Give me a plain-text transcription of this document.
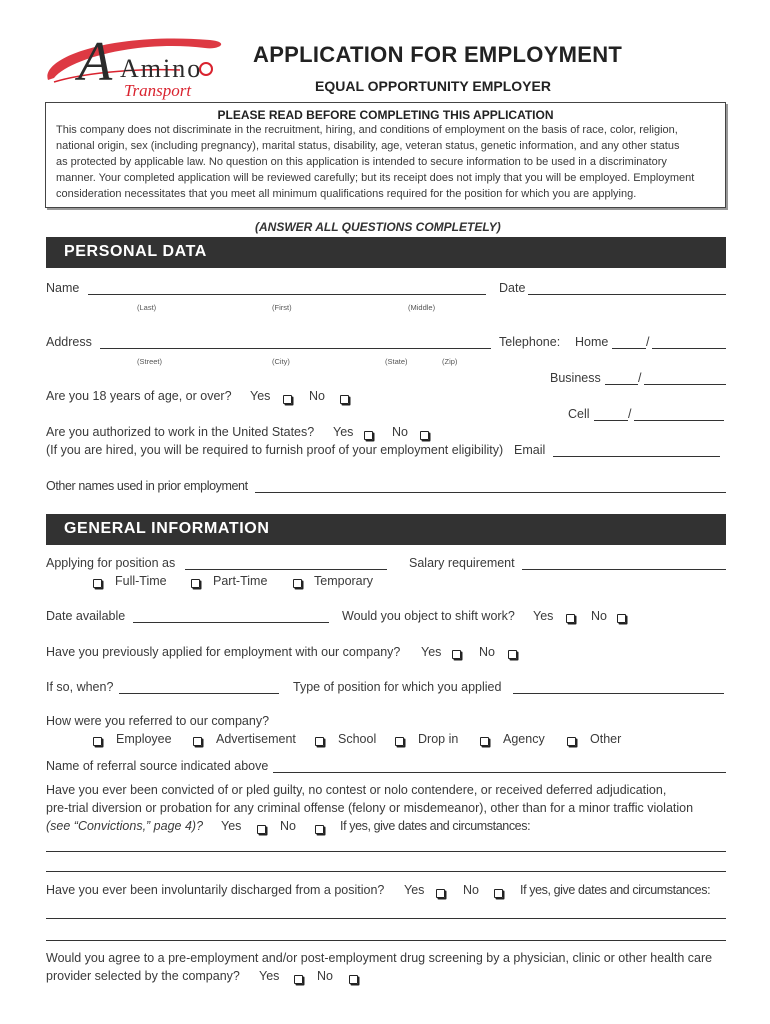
A Amino
Transport
APPLICATION FOR EMPLOYMENT
EQUAL OPPORTUNITY EMPLOYER
PLEASE READ BEFORE COMPLETING THIS APPLICATION
This company does not discriminate in the recruitment, hiring, and conditions of employment on the basis of race, color, religion,
national origin, sex (including pregnancy), marital status, disability, age, veteran status, genetic information, and any other status
as protected by applicable law. No question on this application is intended to secure information to be used in a discriminatory
manner. Your completed application will be reviewed carefully; but its receipt does not imply that you will be employed. Employment
consideration necessitates that you meet all minimum qualifications required for the position for which you are applying.
(ANSWER ALL QUESTIONS COMPLETELY)
PERSONAL DATA
Name	Date
(Last)	(First)	(Middle)
Address	Telephone: Home	/
(Street)	(City)	(State)	(Zip)
Business	/
Are you 18 years of age, or over? Yes	No
Cell	/
Are you authorized to work in the United States? Yes	No
(If you are hired, you will be required to furnish proof of your employment eligibility) Email
Other names used in prior employment
GENERAL INFORMATION
Applying for position as	Salary requirement
Full-Time	Part-Time	Temporary
Date available	Would you object to shift work? Yes	No
Have you previously applied for employment with our company? Yes	No
If so, when?	Type of position for which you applied
How were you referred to our company?
Employee	Advertisement	School	Drop in	Agency	Other
Name of referral source indicated above
Have you ever been convicted of or pled guilty, no contest or nolo contendere, or received deferred adjudication,
pre-trial diversion or probation for any criminal offense (felony or misdemeanor), other than for a minor traffic violation
(see “Convictions,” page 4)? Yes	No	If yes, give dates and circumstances:
Have you ever been involuntarily discharged from a position? Yes	No	If yes, give dates and circumstances:
Would you agree to a pre-employment and/or post-employment drug screening by a physician, clinic or other health care
provider selected by the company? Yes	No
